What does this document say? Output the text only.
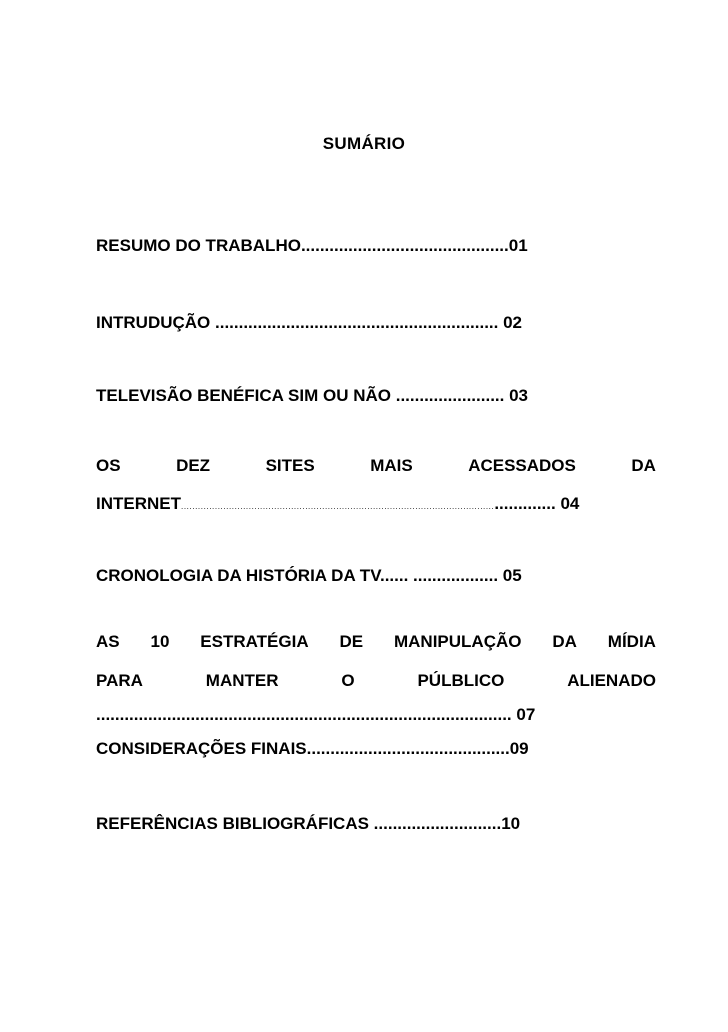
SUMÁRIO
RESUMO DO TRABALHO............................................01
INTRUDUÇÃO ............................................................ 02
TELEVISÃO BENÉFICA SIM OU NÃO ....................... 03
OS	DEZ	SITES	MAIS	ACESSADOS	DA
INTERNET............................................................................................................................ 04
CRONOLOGIA DA HISTÓRIA DA TV...... .................. 05
AS 10 ESTRATÉGIA DE MANIPULAÇÃO DA MÍDIA
PARA	MANTER	O	PÚLBLICO	ALIENADO
........................................................................................ 07
CONSIDERAÇÕES FINAIS...........................................09
REFERÊNCIAS BIBLIOGRÁFICAS ...........................10
